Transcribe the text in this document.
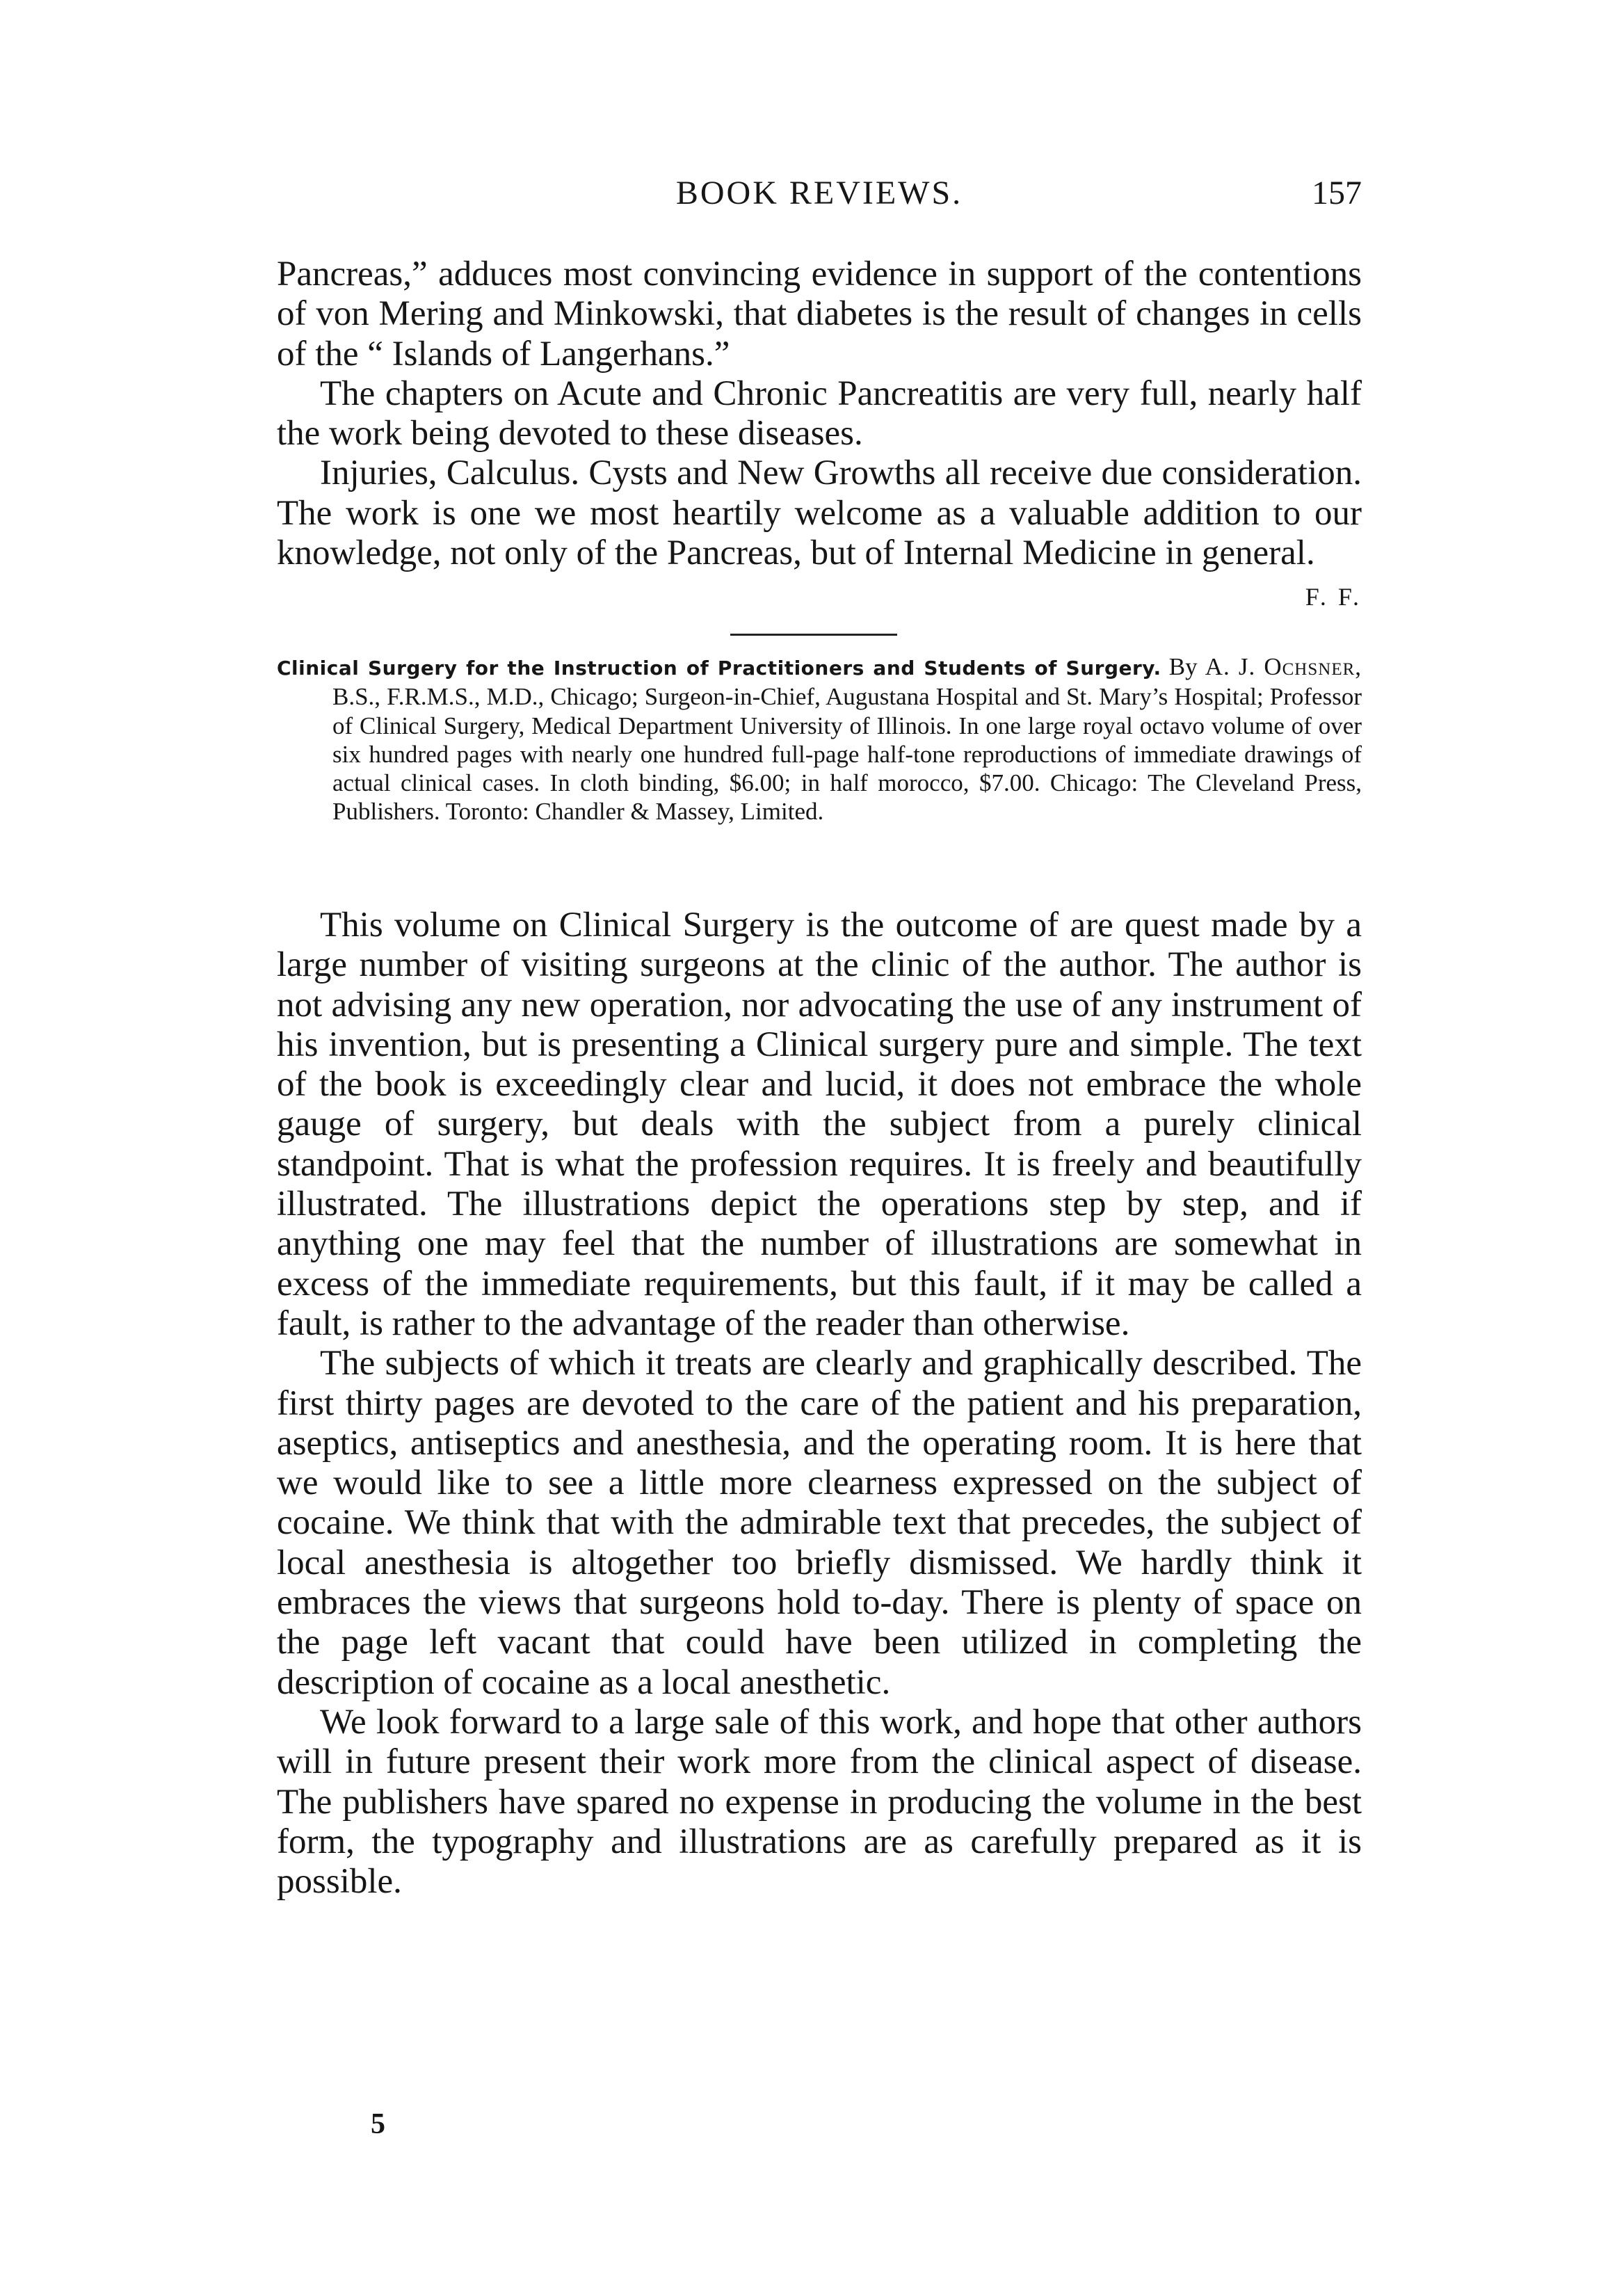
BOOK REVIEWS.	157

Pancreas,” adduces most convincing evidence in support of the contentions of von Mering and Minkowski, that diabetes is the result of changes in cells of the “ Islands of Langerhans.”

The chapters on Acute and Chronic Pancreatitis are very full, nearly half the work being devoted to these diseases.

Injuries, Calculus. Cysts and New Growths all receive due consideration. The work is one we most heartily welcome as a valuable addition to our knowledge, not only of the Pancreas, but of Internal Medicine in general.
F. F.

Clinical Surgery for the Instruction of Practitioners and Students of Surgery. By A. J. Ochsner, B.S., F.R.M.S., M.D., Chicago; Surgeon-in-Chief, Augustana Hospital and St. Mary’s Hospital; Professor of Clinical Surgery, Medical Department University of Illinois. In one large royal octavo volume of over six hundred pages with nearly one hundred full-page half-tone reproductions of immediate drawings of actual clinical cases. In cloth binding, $6.00; in half morocco, $7.00. Chicago: The Cleveland Press, Publishers. Toronto: Chandler & Massey, Limited.

This volume on Clinical Surgery is the outcome of are quest made by a large number of visiting surgeons at the clinic of the author. The author is not advising any new operation, nor advocating the use of any instrument of his invention, but is presenting a Clinical surgery pure and simple. The text of the book is exceedingly clear and lucid, it does not embrace the whole gauge of surgery, but deals with the subject from a purely clinical standpoint. That is what the profession requires. It is freely and beautifully illustrated. The illustrations depict the operations step by step, and if anything one may feel that the number of illustrations are somewhat in excess of the immediate requirements, but this fault, if it may be called a fault, is rather to the advantage of the reader than otherwise.

The subjects of which it treats are clearly and graphically described. The first thirty pages are devoted to the care of the patient and his preparation, aseptics, antiseptics and anesthesia, and the operating room. It is here that we would like to see a little more clearness expressed on the subject of cocaine. We think that with the admirable text that precedes, the subject of local anesthesia is altogether too briefly dismissed. We hardly think it embraces the views that surgeons hold to-day. There is plenty of space on the page left vacant that could have been utilized in completing the description of cocaine as a local anesthetic.

We look forward to a large sale of this work, and hope that other authors will in future present their work more from the clinical aspect of disease. The publishers have spared no expense in producing the volume in the best form, the typography and illustrations are as carefully prepared as it is possible.

5
